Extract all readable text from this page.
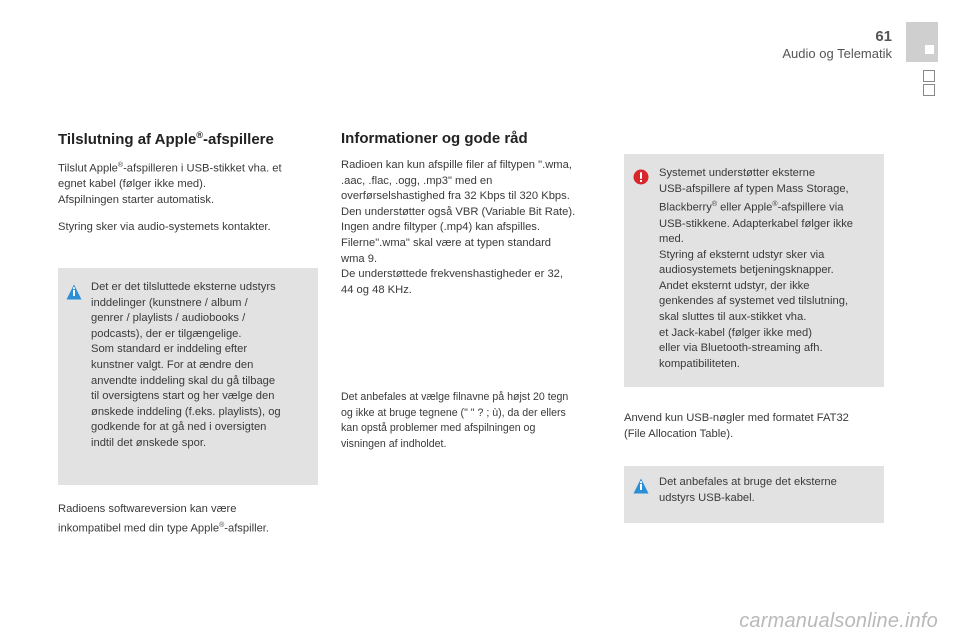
61
Audio og Telematik
Tilslutning af Apple®-afspillere

Tilslut Apple®-afspilleren i USB-stikket vha. et

egnet kabel (følger ikke med).

Afspilningen starter automatisk.

Styring sker via audio-systemets kontakter.

Det er det tilsluttede eksterne udstyrs

inddelinger (kunstnere / album /

genrer / playlists / audiobooks /

podcasts), der er tilgængelige.

Som standard er inddeling efter

kunstner valgt. For at ændre den

anvendte inddeling skal du gå tilbage

til oversigtens start og her vælge den

ønskede inddeling (f.eks. playlists), og

godkende for at gå ned i oversigten

indtil det ønskede spor.

Radioens softwareversion kan være

inkompatibel med din type Apple®-afspiller.

Informationer og gode råd

Radioen kan kun afspille filer af filtypen ".wma,

.aac, .flac, .ogg, .mp3" med en

overførselshastighed fra 32 Kbps til 320 Kbps.

Den understøtter også VBR (Variable Bit Rate).

Ingen andre filtyper (.mp4) kan afspilles.

Filerne".wma" skal være at typen standard

wma 9.

De understøttede frekvenshastigheder er 32,

44 og 48 KHz.

Det anbefales at vælge filnavne på højst 20 tegn

og ikke at bruge tegnene (" " ? ; ù), da der ellers

kan opstå problemer med afspilningen og

visningen af indholdet.

Systemet understøtter eksterne

USB-afspillere af typen Mass Storage,

Blackberry® eller Apple®-afspillere via

USB-stikkene. Adapterkabel følger ikke

med.

Styring af eksternt udstyr sker via

audiosystemets betjeningsknapper.

Andet eksternt udstyr, der ikke

genkendes af systemet ved tilslutning,

skal sluttes til aux-stikket vha.

et Jack-kabel (følger ikke med)

eller via Bluetooth-streaming afh.

kompatibiliteten.

Anvend kun USB-nøgler med formatet FAT32

(File Allocation Table).

Det anbefales at bruge det eksterne

udstyrs USB-kabel.

carmanualsonline.info
